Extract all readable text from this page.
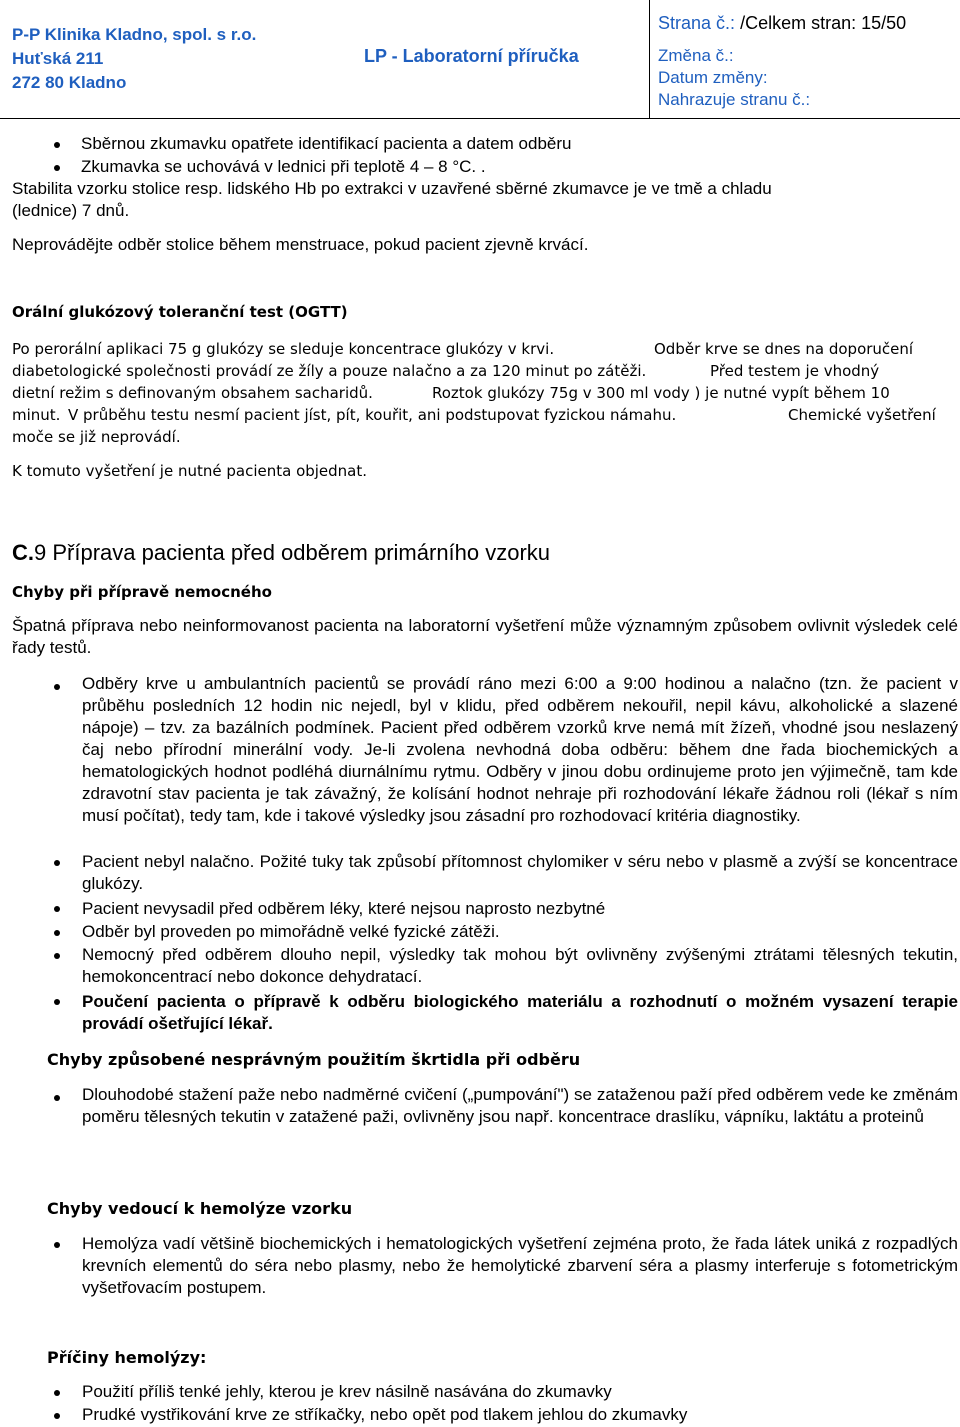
P-P Klinika Kladno, spol. s r.o.
Huťská 211
272 80 Kladno
LP - Laboratorní příručka
Strana č.: /Celkem stran: 15/50
Změna č.:
Datum změny:
Nahrazuje stranu č.:
Sběrnou zkumavku opatřete identifikací pacienta a datem odběru
Zkumavka se uchovává v lednici při teplotě 4 – 8 °C. .
Stabilita vzorku stolice resp. lidského Hb po extrakci v uzavřené sběrné zkumavce je ve tmě a chladu
(lednice) 7 dnů.
Neprovádějte odběr stolice během menstruace, pokud pacient zjevně krvácí.
Orální glukózový toleranční test (OGTT)
Po perorální aplikaci 75 g glukózy se sleduje koncentrace glukózy v krvi.	Odběr krve se dnes na doporučení
diabetologické společnosti provádí ze žíly a pouze nalačno a za 120 minut po zátěži.	Před testem je vhodný
dietní režim s definovaným obsahem sacharidů.	Roztok glukózy 75g v 300 ml vody ) je nutné vypít během 10
minut. V průběhu testu nesmí pacient jíst, pít, kouřit, ani podstupovat fyzickou námahu.	Chemické vyšetření
moče se již neprovádí.
K tomuto vyšetření je nutné pacienta objednat.
C.9 Příprava pacienta před odběrem primárního vzorku
Chyby při přípravě nemocného
Špatná příprava nebo neinformovanost pacienta na laboratorní vyšetření může významným způsobem ovlivnit výsledek celé řady testů.
Odběry krve u ambulantních pacientů se provádí ráno mezi 6:00 a 9:00 hodinou a nalačno (tzn. že pacient v průběhu posledních 12 hodin nic nejedl, byl v klidu, před odběrem nekouřil, nepil kávu, alkoholické a slazené nápoje) – tzv. za bazálních podmínek. Pacient před odběrem vzorků krve nemá mít žízeň, vhodné jsou neslazený čaj nebo přírodní minerální vody. Je-li zvolena nevhodná doba odběru: během dne řada biochemických a hematologických hodnot podléhá diurnálnímu rytmu. Odběry v jinou dobu ordinujeme proto jen výjimečně, tam kde zdravotní stav pacienta je tak závažný, že kolísání hodnot nehraje při rozhodování lékaře žádnou roli (lékař s ním musí počítat), tedy tam, kde i takové výsledky jsou zásadní pro rozhodovací kritéria diagnostiky.
Pacient nebyl nalačno. Požité tuky tak způsobí přítomnost chylomiker v séru nebo v plasmě a zvýší se koncentrace glukózy.
Pacient nevysadil před odběrem léky, které nejsou naprosto nezbytné
Odběr byl proveden po mimořádně velké fyzické zátěži.
Nemocný před odběrem dlouho nepil, výsledky tak mohou být ovlivněny zvýšenými ztrátami tělesných tekutin, hemokoncentrací nebo dokonce dehydratací.
Poučení pacienta o přípravě k odběru biologického materiálu a rozhodnutí o možném vysazení terapie provádí ošetřující lékař.
Chyby způsobené nesprávným použitím škrtidla při odběru
Dlouhodobé stažení paže nebo nadměrné cvičení („pumpování") se zataženou paží před odběrem vede ke změnám poměru tělesných tekutin v zatažené paži, ovlivněny jsou např. koncentrace draslíku, vápníku, laktátu a proteinů
Chyby vedoucí k hemolýze vzorku
Hemolýza vadí většině biochemických i hematologických vyšetření zejména proto, že řada látek uniká z rozpadlých krevních elementů do séra nebo plasmy, nebo že hemolytické zbarvení séra a plasmy interferuje s fotometrickým vyšetřovacím postupem.
Příčiny hemolýzy:
Použití příliš tenké jehly, kterou je krev násilně nasávána do zkumavky
Prudké vystřikování krve ze stříkačky, nebo opět pod tlakem jehlou do zkumavky
